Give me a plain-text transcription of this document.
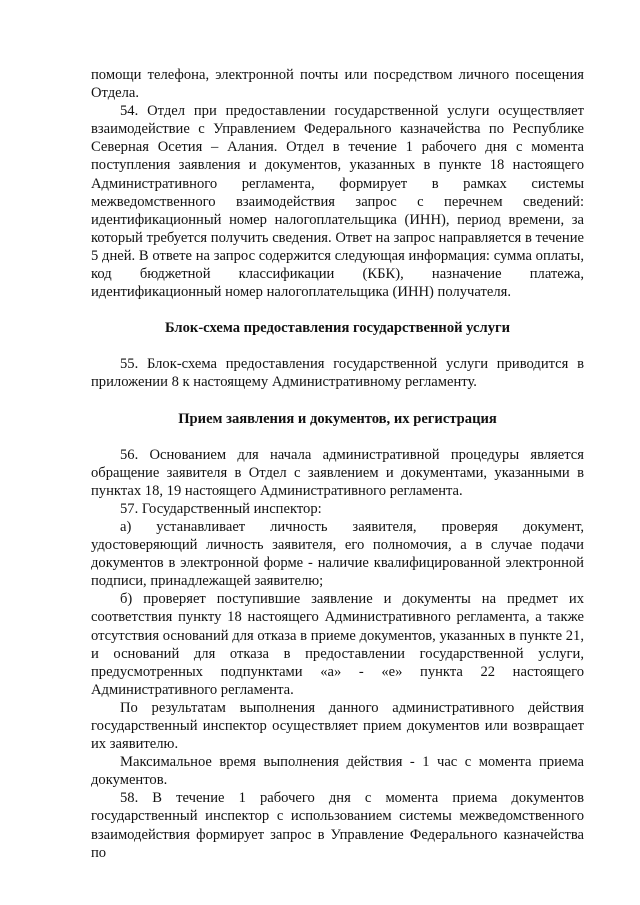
помощи телефона, электронной почты или посредством личного посещения Отдела.

54. Отдел при предоставлении государственной услуги осуществляет взаимодействие с Управлением Федерального казначейства по Республике Северная Осетия – Алания. Отдел в течение 1 рабочего дня с момента поступления заявления и документов, указанных в пункте 18 настоящего Административного регламента, формирует в рамках системы межведомственного взаимодействия запрос с перечнем сведений: идентификационный номер налогоплательщика (ИНН), период времени, за который требуется получить сведения. Ответ на запрос направляется в течение 5 дней. В ответе на запрос содержится следующая информация: сумма оплаты, код бюджетной классификации (КБК), назначение платежа, идентификационный номер налогоплательщика (ИНН) получателя.

Блок-схема предоставления государственной услуги

55. Блок-схема предоставления государственной услуги приводится в приложении 8 к настоящему Административному регламенту.

Прием заявления и документов, их регистрация

56. Основанием для начала административной процедуры является обращение заявителя в Отдел с заявлением и документами, указанными в пунктах 18, 19 настоящего Административного регламента.

57. Государственный инспектор:

а) устанавливает личность заявителя, проверяя документ, удостоверяющий личность заявителя, его полномочия, а в случае подачи документов в электронной форме - наличие квалифицированной электронной подписи, принадлежащей заявителю;

б) проверяет поступившие заявление и документы на предмет их соответствия пункту 18 настоящего Административного регламента, а также отсутствия оснований для отказа в приеме документов, указанных в пункте 21, и оснований для отказа в предоставлении государственной услуги, предусмотренных подпунктами «а» - «е» пункта 22 настоящего Административного регламента.

По результатам выполнения данного административного действия государственный инспектор осуществляет прием документов или возвращает их заявителю.

Максимальное время выполнения действия - 1 час с момента приема документов.

58. В течение 1 рабочего дня с момента приема документов государственный инспектор с использованием системы межведомственного взаимодействия формирует запрос в Управление Федерального казначейства по
